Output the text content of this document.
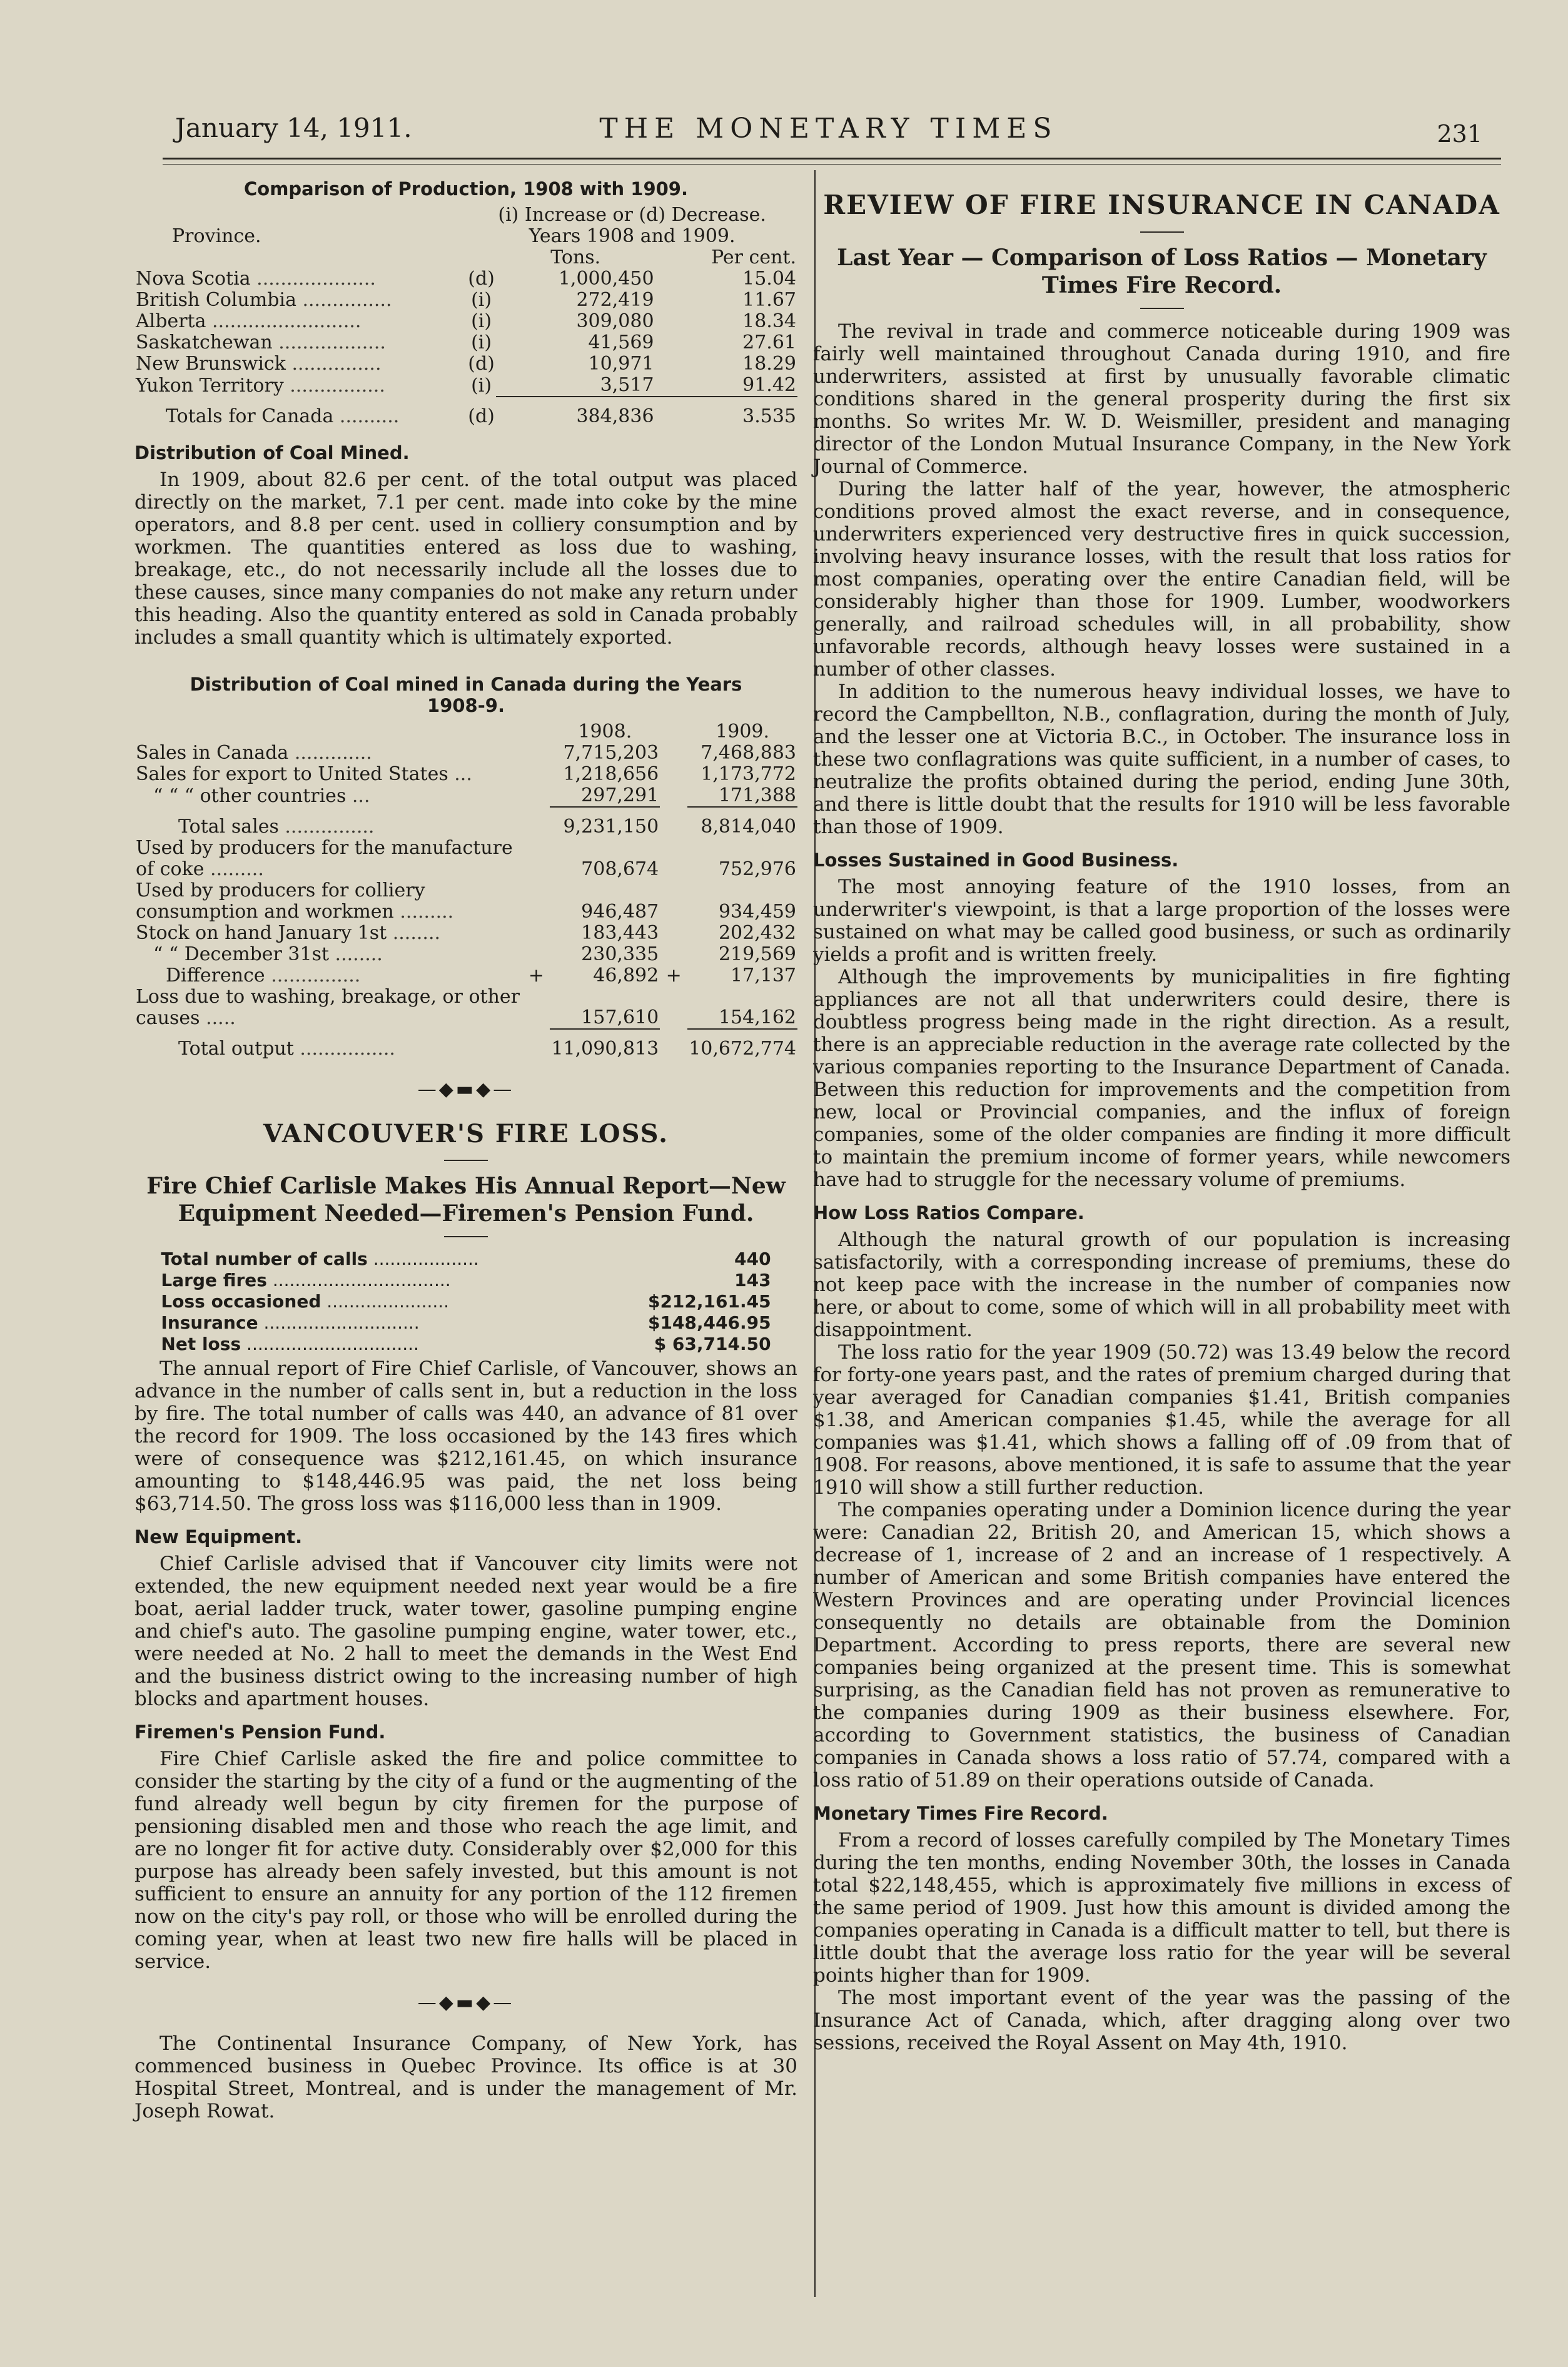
January 14, 1911.	THE MONETARY TIMES	231
Comparison of Production, 1908 with 1909.
Province.	(i) Increase or (d) Decrease.
Years 1908 and 1909.		

		Tons.	Per cent.
Nova Scotia ....................	(d)	1,000,450	15.04
British Columbia ...............	(i)	272,419	11.67
Alberta .........................	(i)	309,080	18.34
Saskatchewan ..................	(i)	41,569	27.61
New Brunswick ...............	(d)	10,971	18.29
Yukon Territory ................	(i)	3,517	91.42
Totals for Canada ..........	(d)	384,836	3.535
Distribution of Coal Mined.

In 1909, about 82.6 per cent. of the total output was placed directly on the market, 7.1 per cent. made into coke by the mine operators, and 8.8 per cent. used in colliery consumption and by workmen. The quantities entered as loss due to washing, breakage, etc., do not necessarily include all the losses due to these causes, since many companies do not make any return under this heading. Also the quantity entered as sold in Canada probably includes a small quantity which is ultimately exported.

Distribution of Coal mined in Canada during the Years 1908-9.
		1908.		1909.
Sales in Canada .............		7,715,203		7,468,883
Sales for export to United States ...		1,218,656		1,173,772
“ “ “ other countries ...		297,291		171,388
Total sales ...............		9,231,150		8,814,040
Used by producers for the manufacture of coke .........		708,674		752,976
Used by producers for colliery consumption and workmen .........		946,487		934,459
Stock on hand January 1st ........		183,443		202,432
“ “ December 31st ........		230,335		219,569
Difference ...............	+	46,892	+	17,137
Loss due to washing, breakage, or other causes .....		157,610		154,162
Total output ................		11,090,813		10,672,774
—◆▬◆—
VANCOUVER'S FIRE LOSS.
Fire Chief Carlisle Makes His Annual Report—New Equipment Needed—Firemen's Pension Fund.
Total number of calls ...................	440
Large fires ................................	143
Loss occasioned ......................	$212,161.45
Insurance ............................	$148,446.95
Net loss ...............................	$ 63,714.50

The annual report of Fire Chief Carlisle, of Vancouver, shows an advance in the number of calls sent in, but a reduction in the loss by fire. The total number of calls was 440, an advance of 81 over the record for 1909. The loss occasioned by the 143 fires which were of consequence was $212,161.45, on which insurance amounting to $148,446.95 was paid, the net loss being $63,714.50. The gross loss was $116,000 less than in 1909.

New Equipment.

Chief Carlisle advised that if Vancouver city limits were not extended, the new equipment needed next year would be a fire boat, aerial ladder truck, water tower, gasoline pumping engine and chief's auto. The gasoline pumping engine, water tower, etc., were needed at No. 2 hall to meet the demands in the West End and the business district owing to the increasing number of high blocks and apartment houses.

Firemen's Pension Fund.

Fire Chief Carlisle asked the fire and police committee to consider the starting by the city of a fund or the augmenting of the fund already well begun by city firemen for the purpose of pensioning disabled men and those who reach the age limit, and are no longer fit for active duty. Considerably over $2,000 for this purpose has already been safely invested, but this amount is not sufficient to ensure an annuity for any portion of the 112 firemen now on the city's pay roll, or those who will be enrolled during the coming year, when at least two new fire halls will be placed in service.

—◆▬◆—

The Continental Insurance Company, of New York, has commenced business in Quebec Province. Its office is at 30 Hospital Street, Montreal, and is under the management of Mr. Joseph Rowat.

REVIEW OF FIRE INSURANCE IN CANADA
Last Year — Comparison of Loss Ratios — Monetary Times Fire Record.

The revival in trade and commerce noticeable during 1909 was fairly well maintained throughout Canada during 1910, and fire underwriters, assisted at first by unusually favorable climatic conditions shared in the general prosperity during the first six months. So writes Mr. W. D. Weismiller, president and managing director of the London Mutual Insurance Company, in the New York Journal of Commerce.

During the latter half of the year, however, the atmospheric conditions proved almost the exact reverse, and in consequence, underwriters experienced very destructive fires in quick succession, involving heavy insurance losses, with the result that loss ratios for most companies, operating over the entire Canadian field, will be considerably higher than those for 1909. Lumber, woodworkers generally, and railroad schedules will, in all probability, show unfavorable records, although heavy losses were sustained in a number of other classes.

In addition to the numerous heavy individual losses, we have to record the Campbellton, N.B., conflagration, during the month of July, and the lesser one at Victoria B.C., in October. The insurance loss in these two conflagrations was quite sufficient, in a number of cases, to neutralize the profits obtained during the period, ending June 30th, and there is little doubt that the results for 1910 will be less favorable than those of 1909.

Losses Sustained in Good Business.

The most annoying feature of the 1910 losses, from an underwriter's viewpoint, is that a large proportion of the losses were sustained on what may be called good business, or such as ordinarily yields a profit and is written freely.

Although the improvements by municipalities in fire fighting appliances are not all that underwriters could desire, there is doubtless progress being made in the right direction. As a result, there is an appreciable reduction in the average rate collected by the various companies reporting to the Insurance Department of Canada. Between this reduction for improvements and the competition from new, local or Provincial companies, and the influx of foreign companies, some of the older companies are finding it more difficult to maintain the premium income of former years, while newcomers have had to struggle for the necessary volume of premiums.

How Loss Ratios Compare.

Although the natural growth of our population is increasing satisfactorily, with a corresponding increase of premiums, these do not keep pace with the increase in the number of companies now here, or about to come, some of which will in all probability meet with disappointment.

The loss ratio for the year 1909 (50.72) was 13.49 below the record for forty-one years past, and the rates of premium charged during that year averaged for Canadian companies $1.41, British companies $1.38, and American companies $1.45, while the average for all companies was $1.41, which shows a falling off of .09 from that of 1908. For reasons, above mentioned, it is safe to assume that the year 1910 will show a still further reduction.

The companies operating under a Dominion licence during the year were: Canadian 22, British 20, and American 15, which shows a decrease of 1, increase of 2 and an increase of 1 respectively. A number of American and some British companies have entered the Western Provinces and are operating under Provincial licences consequently no details are obtainable from the Dominion Department. According to press reports, there are several new companies being organized at the present time. This is somewhat surprising, as the Canadian field has not proven as remunerative to the companies during 1909 as their business elsewhere. For, according to Government statistics, the business of Canadian companies in Canada shows a loss ratio of 57.74, compared with a loss ratio of 51.89 on their operations outside of Canada.

Monetary Times Fire Record.

From a record of losses carefully compiled by The Monetary Times during the ten months, ending November 30th, the losses in Canada total $22,148,455, which is approximately five millions in excess of the same period of 1909. Just how this amount is divided among the companies operating in Canada is a difficult matter to tell, but there is little doubt that the average loss ratio for the year will be several points higher than for 1909.

The most important event of the year was the passing of the Insurance Act of Canada, which, after dragging along over two sessions, received the Royal Assent on May 4th, 1910.
